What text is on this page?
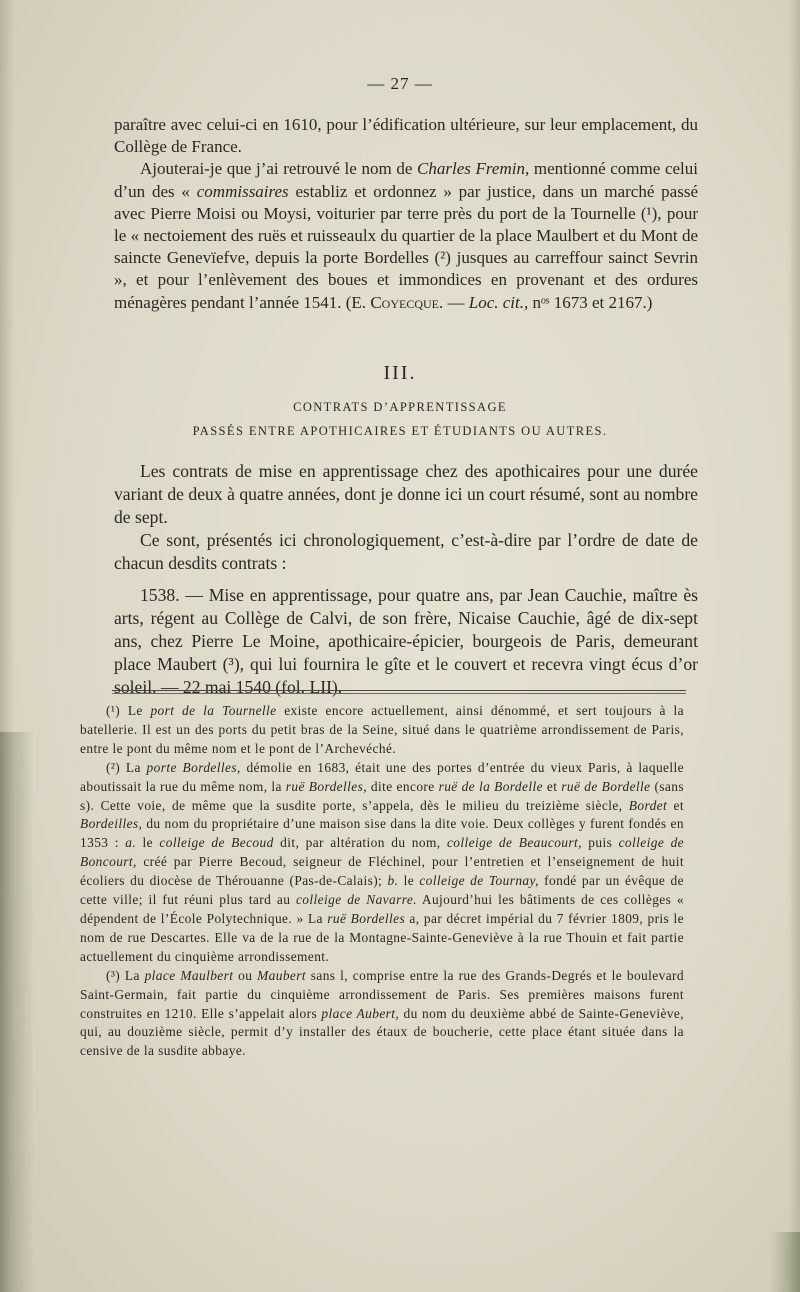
— 27 —

paraître avec celui-ci en 1610, pour l’édification ultérieure, sur leur emplacement, du Collège de France.

Ajouterai-je que j’ai retrouvé le nom de Charles Fremin, mentionné comme celui d’un des « commissaires establiz et ordonnez » par justice, dans un marché passé avec Pierre Moisi ou Moysi, voiturier par terre près du port de la Tournelle (¹), pour le « nectoiement des ruës et ruisseaulx du quartier de la place Maulbert et du Mont de saincte Genevïefve, depuis la porte Bordelles (²) jusques au carreffour sainct Sevrin », et pour l’enlèvement des boues et immondices en provenant et des ordures ménagères pendant l’année 1541. (E. Coyecque. — Loc. cit., nᵒˢ 1673 et 2167.)

III.
CONTRATS D’APPRENTISSAGE
PASSÉS ENTRE APOTHICAIRES ET ÉTUDIANTS OU AUTRES.

Les contrats de mise en apprentissage chez des apothicaires pour une durée variant de deux à quatre années, dont je donne ici un court résumé, sont au nombre de sept.

Ce sont, présentés ici chronologiquement, c’est-à-dire par l’ordre de date de chacun desdits contrats :

1538. — Mise en apprentissage, pour quatre ans, par Jean Cauchie, maître ès arts, régent au Collège de Calvi, de son frère, Nicaise Cauchie, âgé de dix-sept ans, chez Pierre Le Moine, apothicaire-épicier, bourgeois de Paris, demeurant place Maubert (³), qui lui fournira le gîte et le couvert et recevra vingt écus d’or soleil. — 22 mai 1540 (fol. LII).

(¹) Le port de la Tournelle existe encore actuellement, ainsi dénommé, et sert toujours à la batellerie. Il est un des ports du petit bras de la Seine, situé dans le quatrième arrondissement de Paris, entre le pont du même nom et le pont de l’Archevéché.

(²) La porte Bordelles, démolie en 1683, était une des portes d’entrée du vieux Paris, à laquelle aboutissait la rue du même nom, la ruë Bordelles, dite encore ruë de la Bordelle et ruë de Bordelle (sans s). Cette voie, de même que la susdite porte, s’appela, dès le milieu du treizième siècle, Bordet et Bordeilles, du nom du propriétaire d’une maison sise dans la dite voie. Deux collèges y furent fondés en 1353 : a. le colleige de Becoud dit, par altération du nom, colleige de Beaucourt, puis colleige de Boncourt, créé par Pierre Becoud, seigneur de Fléchinel, pour l’entretien et l’enseignement de huit écoliers du diocèse de Thérouanne (Pas-de-Calais); b. le colleige de Tournay, fondé par un évêque de cette ville; il fut réuni plus tard au colleige de Navarre. Aujourd’hui les bâtiments de ces collèges « dépendent de l’École Polytechnique. » La ruë Bordelles a, par décret impérial du 7 février 1809, pris le nom de rue Descartes. Elle va de la rue de la Montagne-Sainte-Geneviève à la rue Thouin et fait partie actuellement du cinquième arrondissement.

(³) La place Maulbert ou Maubert sans l, comprise entre la rue des Grands-Degrés et le boulevard Saint-Germain, fait partie du cinquième arrondissement de Paris. Ses premières maisons furent construites en 1210. Elle s’appelait alors place Aubert, du nom du deuxième abbé de Sainte-Geneviève, qui, au douzième siècle, permit d’y installer des étaux de boucherie, cette place étant située dans la censive de la susdite abbaye.
